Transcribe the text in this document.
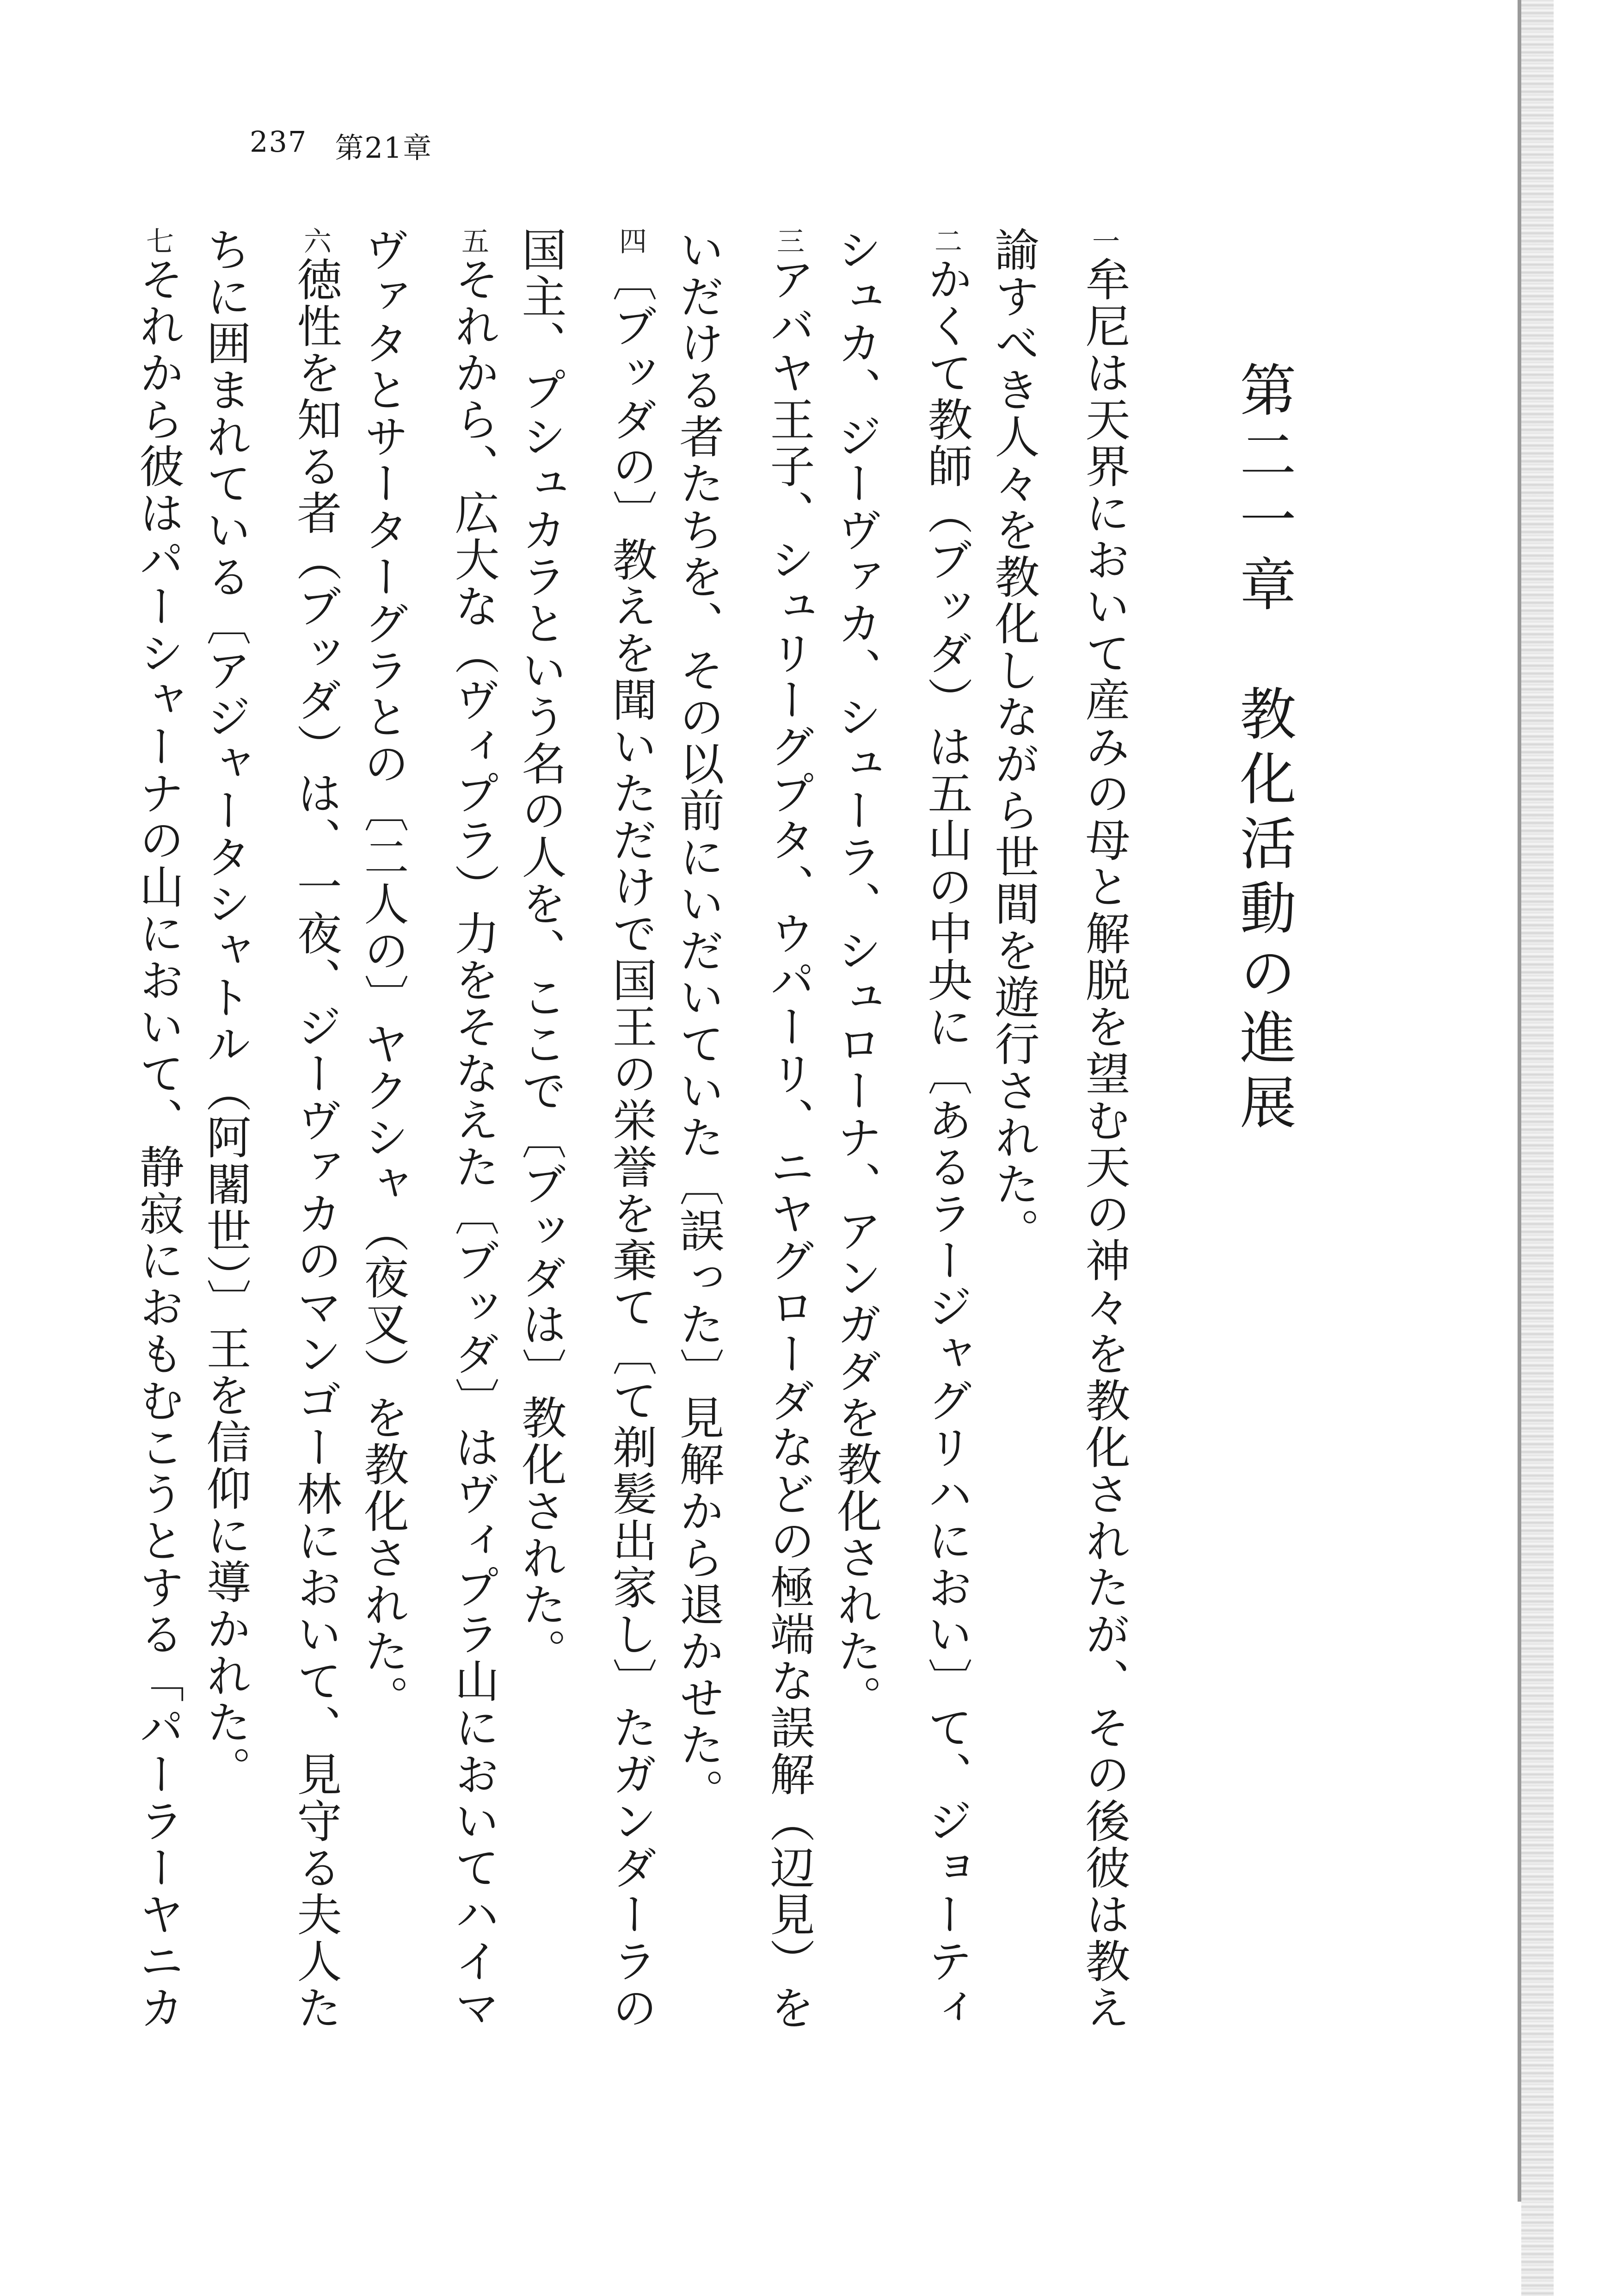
237 第21章
第二一章　教化活動の進展

一牟尼は天界において産みの母と解脱を望む天の神々を教化されたが、その後彼は教え諭すべき人々を教化しながら世間を遊行された。

二かくて教師（ブッダ）は五山の中央に〔あるラージャグリハにおい〕て、ジョーティシュカ、ジーヴァカ、シューラ、シュローナ、アンガダを教化された。

三アバヤ王子、シュリーグプタ、ウパーリ、ニヤグローダなどの極端な誤解（辺見）をいだける者たちを、その以前にいだいていた〔誤った〕見解から退かせた。

四〔ブッダの〕教えを聞いただけで国王の栄誉を棄て〔て剃髪出家し〕たガンダーラの国主、プシュカラという名の人を、ここで〔ブッダは〕教化された。

五それから、広大な（ヴィプラ）力をそなえた〔ブッダ〕はヴィプラ山においてハイマヴァタとサーターグラとの〔二人の〕ヤクシャ（夜叉）を教化された。

六徳性を知る者（ブッダ）は、一夜、ジーヴァカのマンゴー林において、見守る夫人たちに囲まれている〔アジャータシャトル（阿闍世）〕王を信仰に導かれた。

七それから彼はパーシャーナの山において、静寂におもむこうとする「パーラーヤニカ
